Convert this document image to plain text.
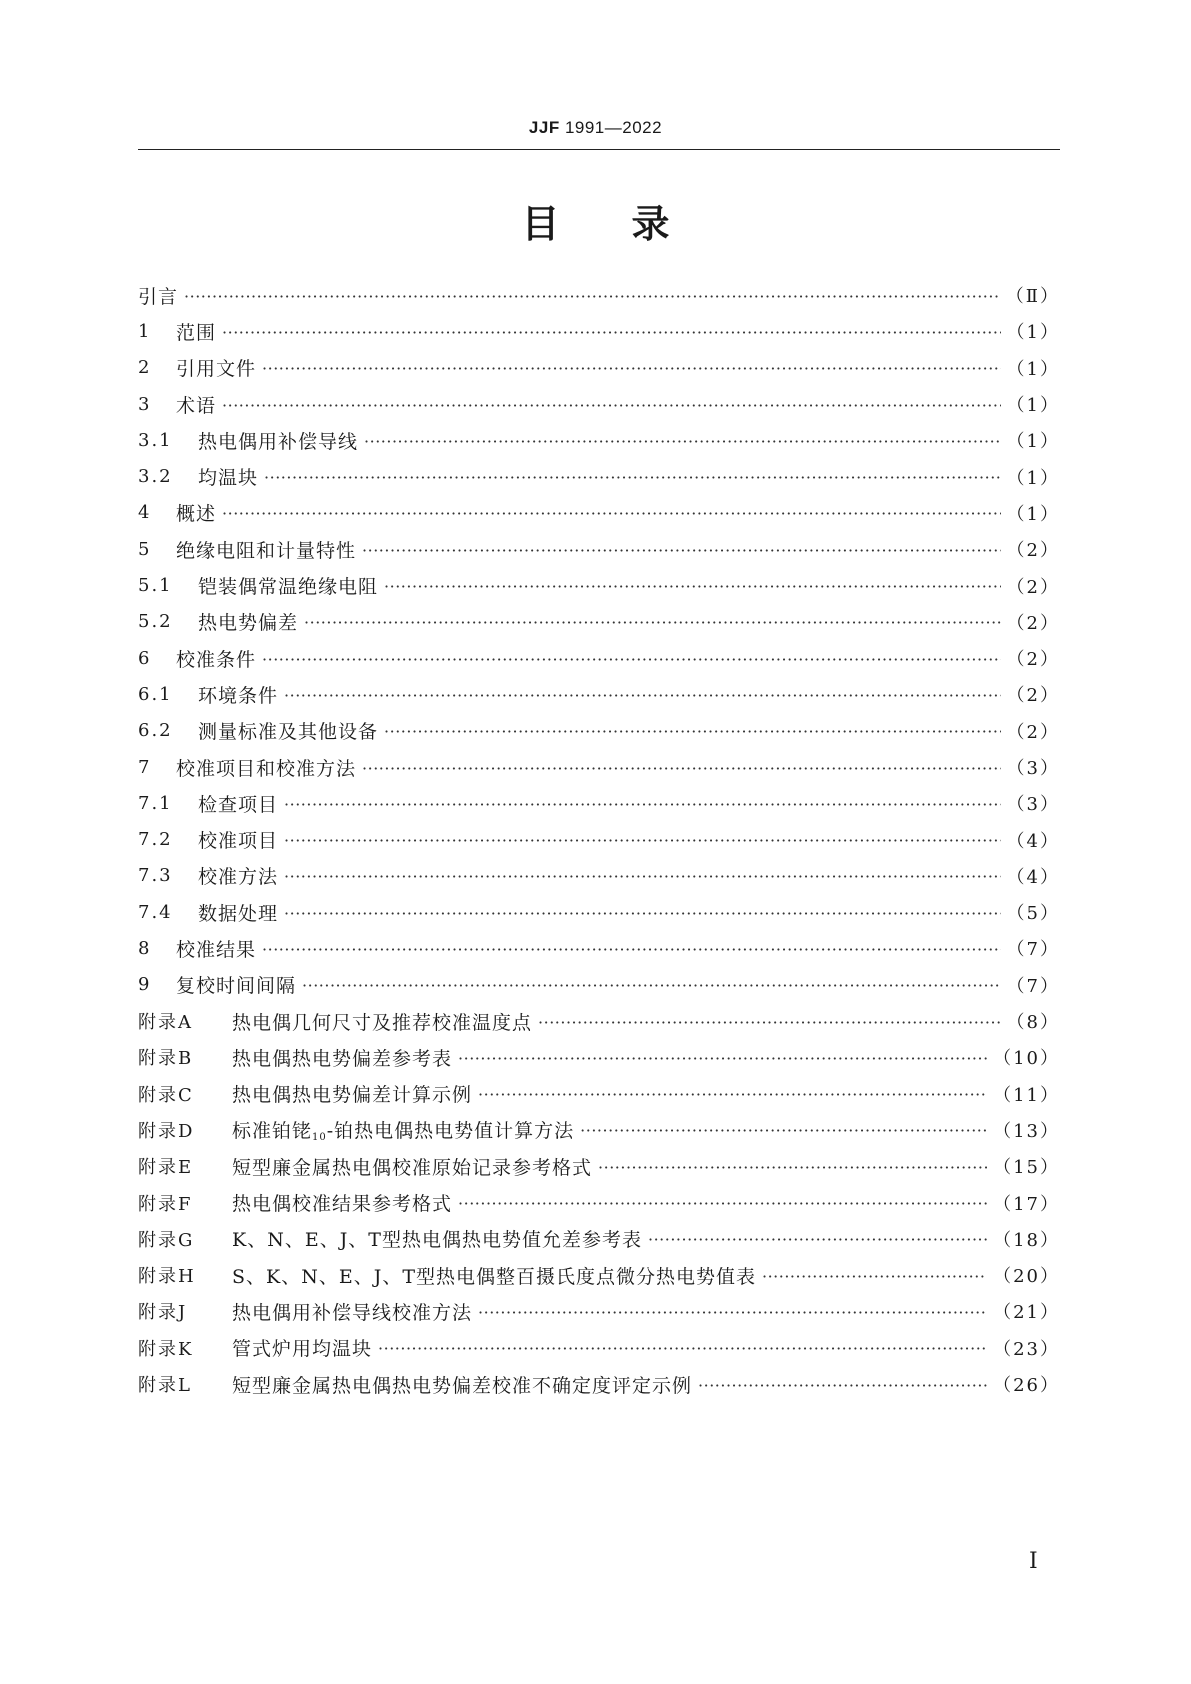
JJF 1991—2022
目录
引言 ·····	（Ⅱ）
1	范围 ·····	（1）
2	引用文件 ·····	（1）
3	术语 ·····	（1）
3.1	热电偶用补偿导线 ·····	（1）
3.2	均温块 ·····	（1）
4	概述 ·····	（1）
5	绝缘电阻和计量特性 ·····	（2）
5.1	铠装偶常温绝缘电阻 ·····	（2）
5.2	热电势偏差 ·····	（2）
6	校准条件 ·····	（2）
6.1	环境条件 ·····	（2）
6.2	测量标准及其他设备 ·····	（2）
7	校准项目和校准方法 ·····	（3）
7.1	检查项目 ·····	（3）
7.2	校准项目 ·····	（4）
7.3	校准方法 ·····	（4）
7.4	数据处理 ·····	（5）
8	校准结果 ·····	（7）
9	复校时间间隔 ·····	（7）
附录A	热电偶几何尺寸及推荐校准温度点 ·····	（8）
附录B	热电偶热电势偏差参考表 ·····	（10）
附录C	热电偶热电势偏差计算示例 ·····	（11）
附录D	标准铂铑$_{10}$-铂热电偶热电势值计算方法 ·····	（13）
附录E	短型廉金属热电偶校准原始记录参考格式 ·····	（15）
附录F	热电偶校准结果参考格式 ·····	（17）
附录G	K、N、E、J、T型热电偶热电势值允差参考表 ·····	（18）
附录H	S、K、N、E、J、T型热电偶整百摄氏度点微分热电势值表 ·····	（20）
附录J	热电偶用补偿导线校准方法 ·····	（21）
附录K	管式炉用均温块 ·····	（23）
附录L	短型廉金属热电偶热电势偏差校准不确定度评定示例 ·····	（26）
Ⅰ
